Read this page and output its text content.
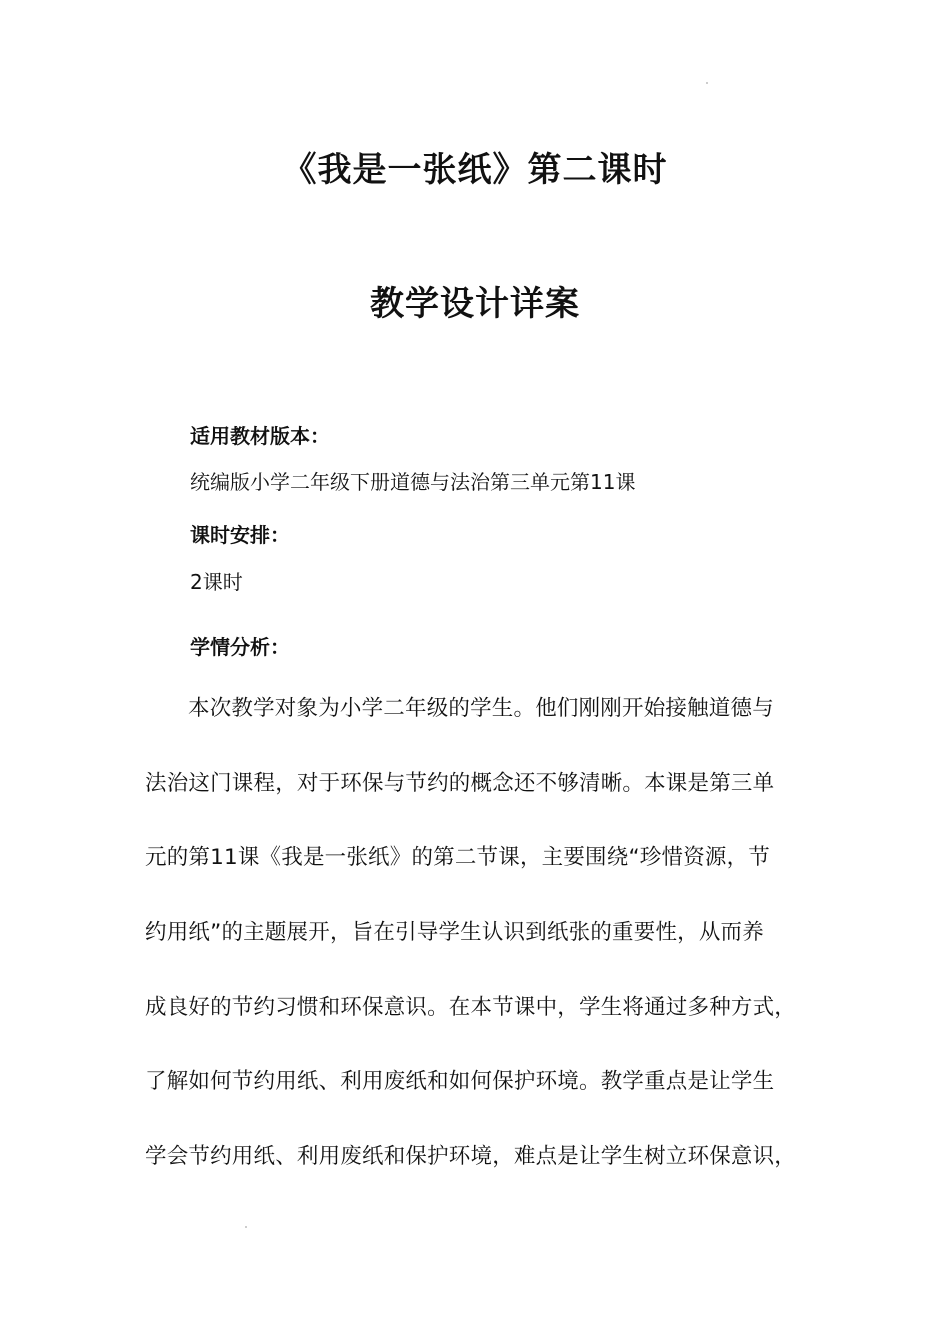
《我是一张纸》第二课时
教学设计详案
适用教材版本：
统编版小学二年级下册道德与法治第三单元第11课
课时安排：
2课时
学情分析：
本次教学对象为小学二年级的学生。他们刚刚开始接触道德与
法治这门课程，对于环保与节约的概念还不够清晰。本课是第三单
元的第11课《我是一张纸》的第二节课，主要围绕“珍惜资源，节
约用纸”的主题展开，旨在引导学生认识到纸张的重要性，从而养
成良好的节约习惯和环保意识。在本节课中，学生将通过多种方式，
了解如何节约用纸、利用废纸和如何保护环境。教学重点是让学生
学会节约用纸、利用废纸和保护环境，难点是让学生树立环保意识，
